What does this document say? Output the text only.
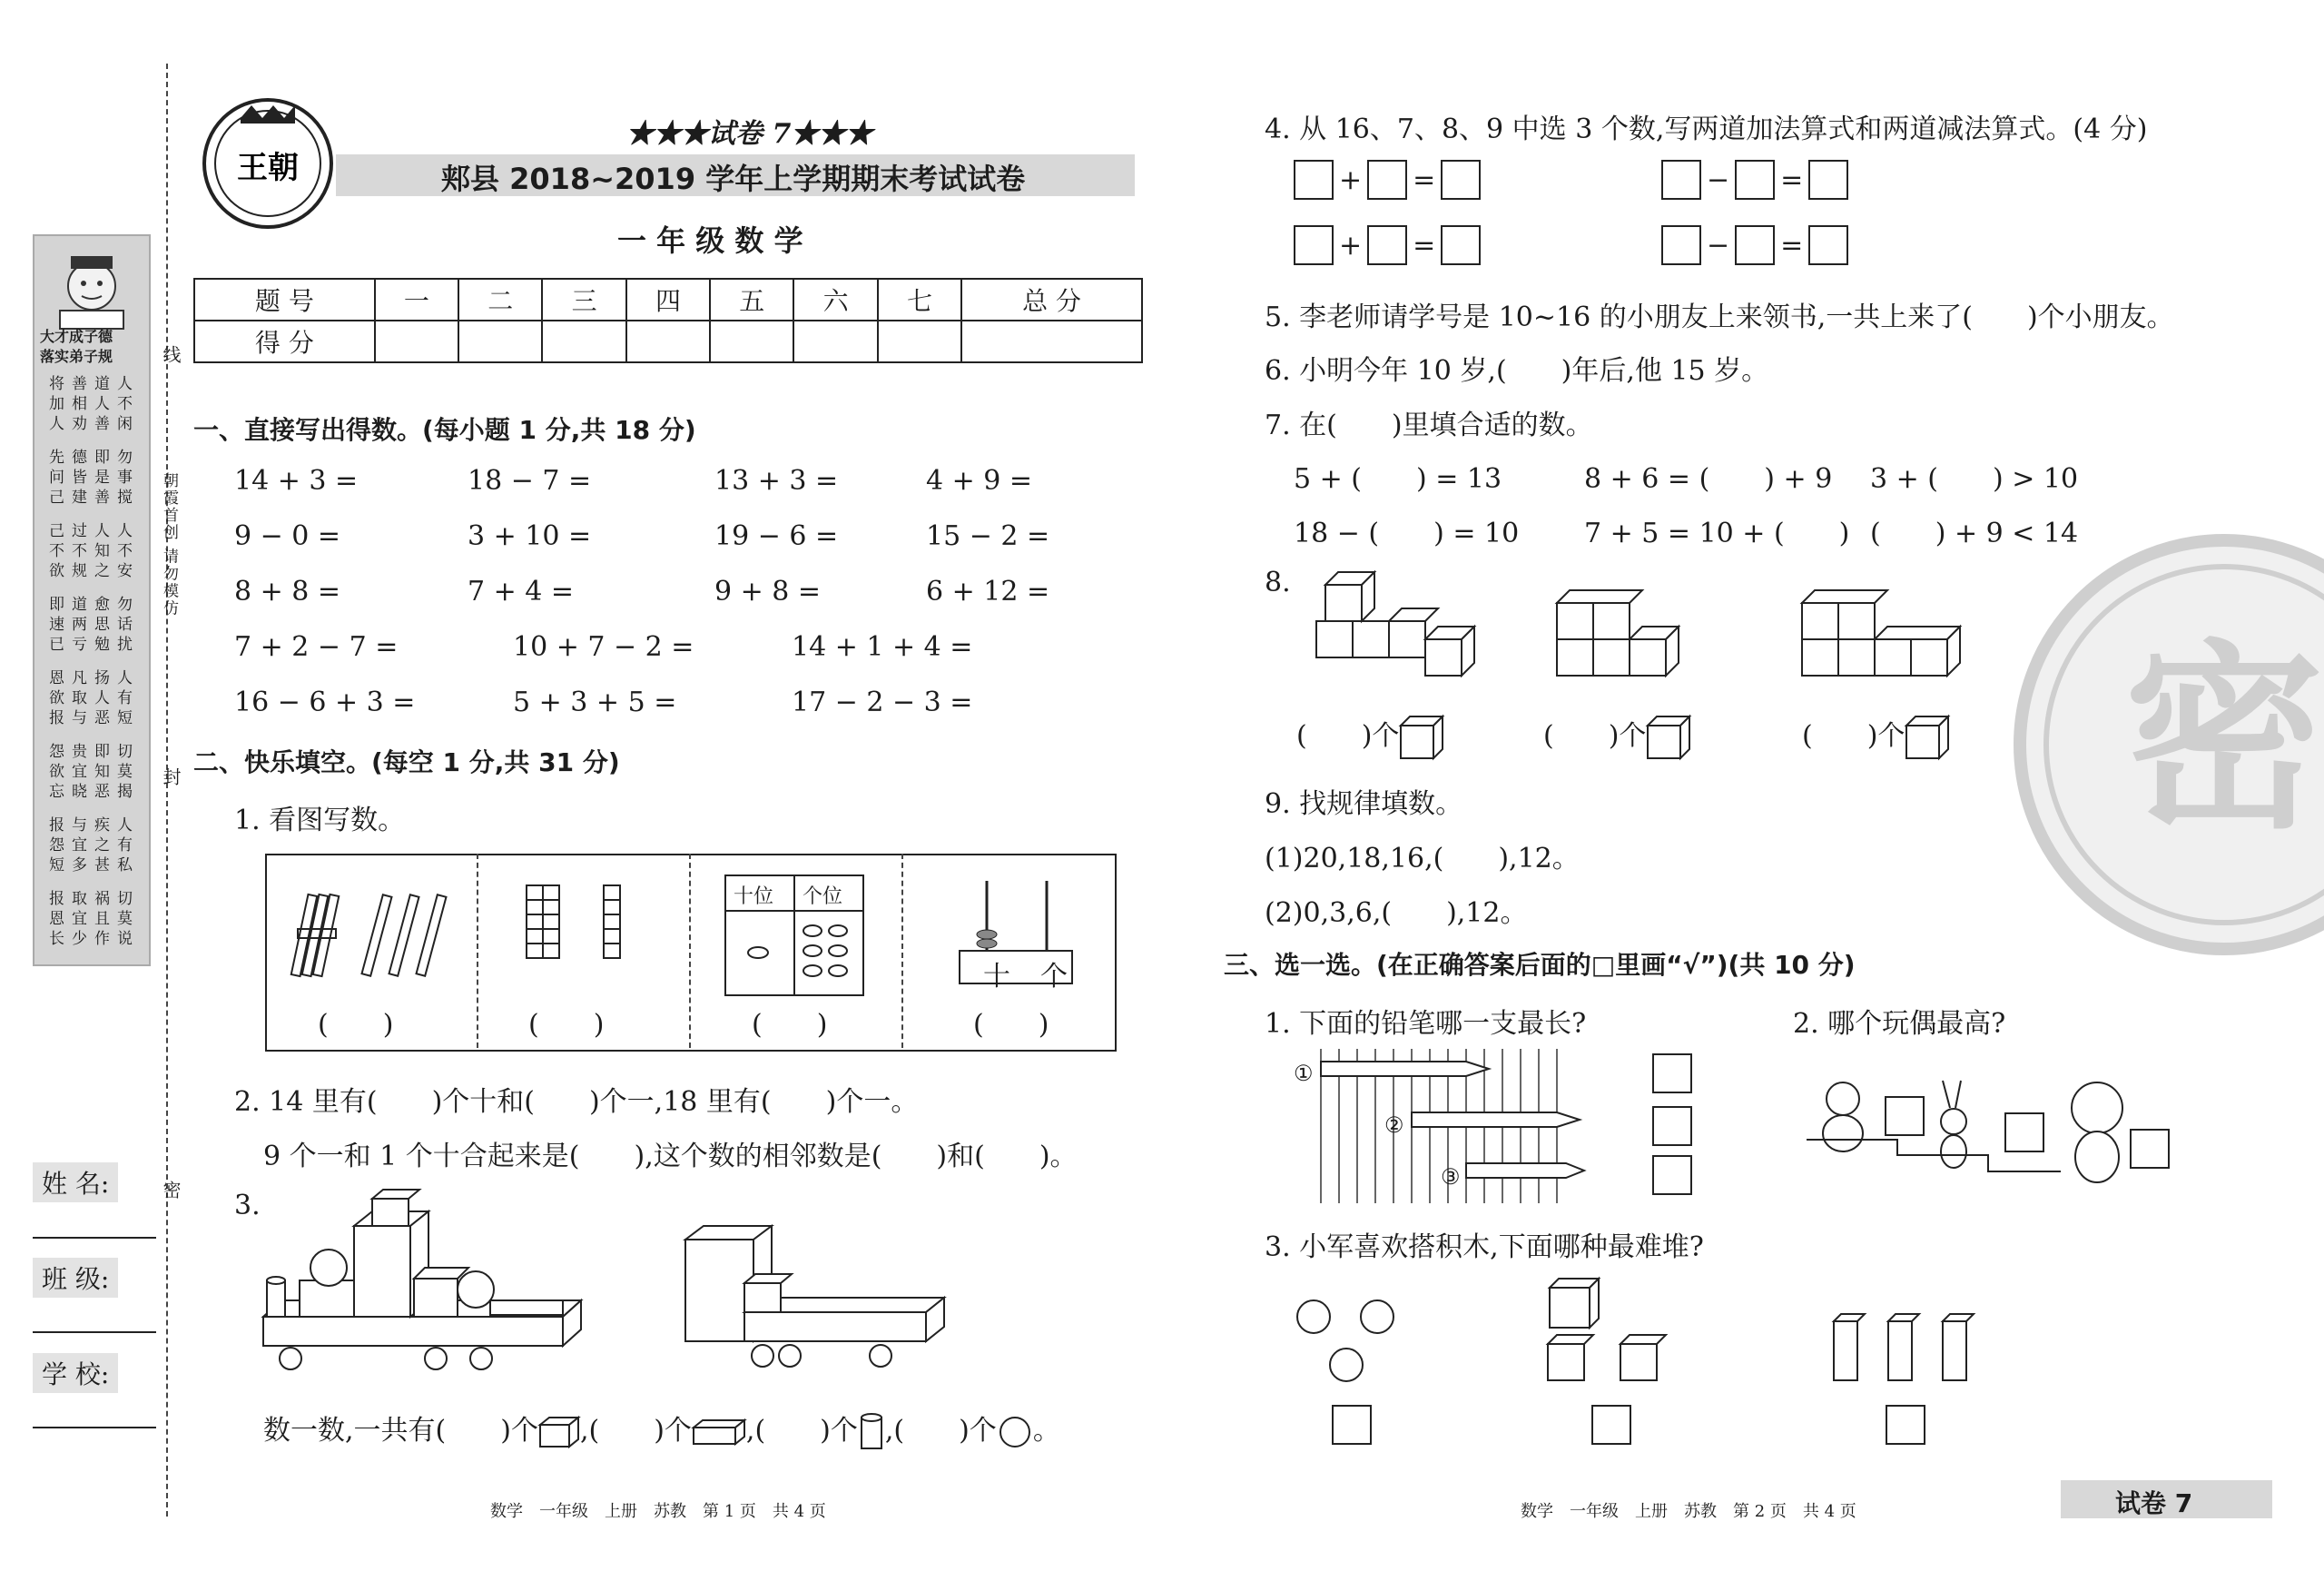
大才成子德
落实弟子规
将善道人
加相人不
人劝善闲
先德即勿
问皆是事
己建善搅
己过人人
不不知不
欲规之安
即道愈勿
速两思话
已亏勉扰
恩凡扬人
欲取人有
报与恶短
怨贵即切
欲宜知莫
忘晓恶揭
报与疾人
怨宜之有
短多甚私
报取祸切
恩宜且莫
长少作说
线
朝霞首创 请勿模仿
封
密
姓 名:
班 级:
学 校:
王朝
★★★试卷 7★★★
郏县 2018~2019 学年上学期期末考试试卷
一 年 级 数 学
题 号	一	二	三	四	五	六	七	总 分
得 分								
一、直接写出得数。(每小题 1 分,共 18 分)
14 + 3 =	18 − 7 =	13 + 3 =	4 + 9 =
9 − 0 =	3 + 10 =	19 − 6 =	15 − 2 =
8 + 8 =	7 + 4 =	9 + 8 =	6 + 12 =
7 + 2 − 7 =	10 + 7 − 2 =	14 + 1 + 4 =
16 − 6 + 3 =	5 + 3 + 5 =	17 − 2 − 3 =
二、快乐填空。(每空 1 分,共 31 分)
1. 看图写数。
十位 个位
十 个
(　　)	(　　)	(　　)	(　　)
2. 14 里有(　　)个十和(　　)个一,18 里有(　　)个一。
9 个一和 1 个十合起来是(　　),这个数的相邻数是(　　)和(　　)。
3.
数一数,一共有(　　)个 ,(　　)个 ,(　　)个 ,(　　)个 。
数学　一年级　上册　苏教　第 1 页　共 4 页
4. 从 16、7、8、9 中选 3 个数,写两道加法算式和两道减法算式。(4 分)
+ =
+ =
− =
− =
5. 李老师请学号是 10~16 的小朋友上来领书,一共上来了(　　)个小朋友。
6. 小明今年 10 岁,(　　)年后,他 15 岁。
7. 在(　　)里填合适的数。
5 + (　　) = 13	8 + 6 = (　　) + 9 3 + (　　) > 10
18 − (　　) = 10 7 + 5 = 10 + (　　) (　　) + 9 < 14
8.
(　　)个	(　　)个	(　　)个
9. 找规律填数。
(1)20,18,16,(　　),12。
(2)0,3,6,(　　),12。
三、选一选。(在正确答案后面的□里画“√”)(共 10 分)
1. 下面的铅笔哪一支最长?	2. 哪个玩偶最高?
①
②
③
3. 小军喜欢搭积木,下面哪种最难堆?
密
数学　一年级　上册　苏教　第 2 页　共 4 页	试卷 7
